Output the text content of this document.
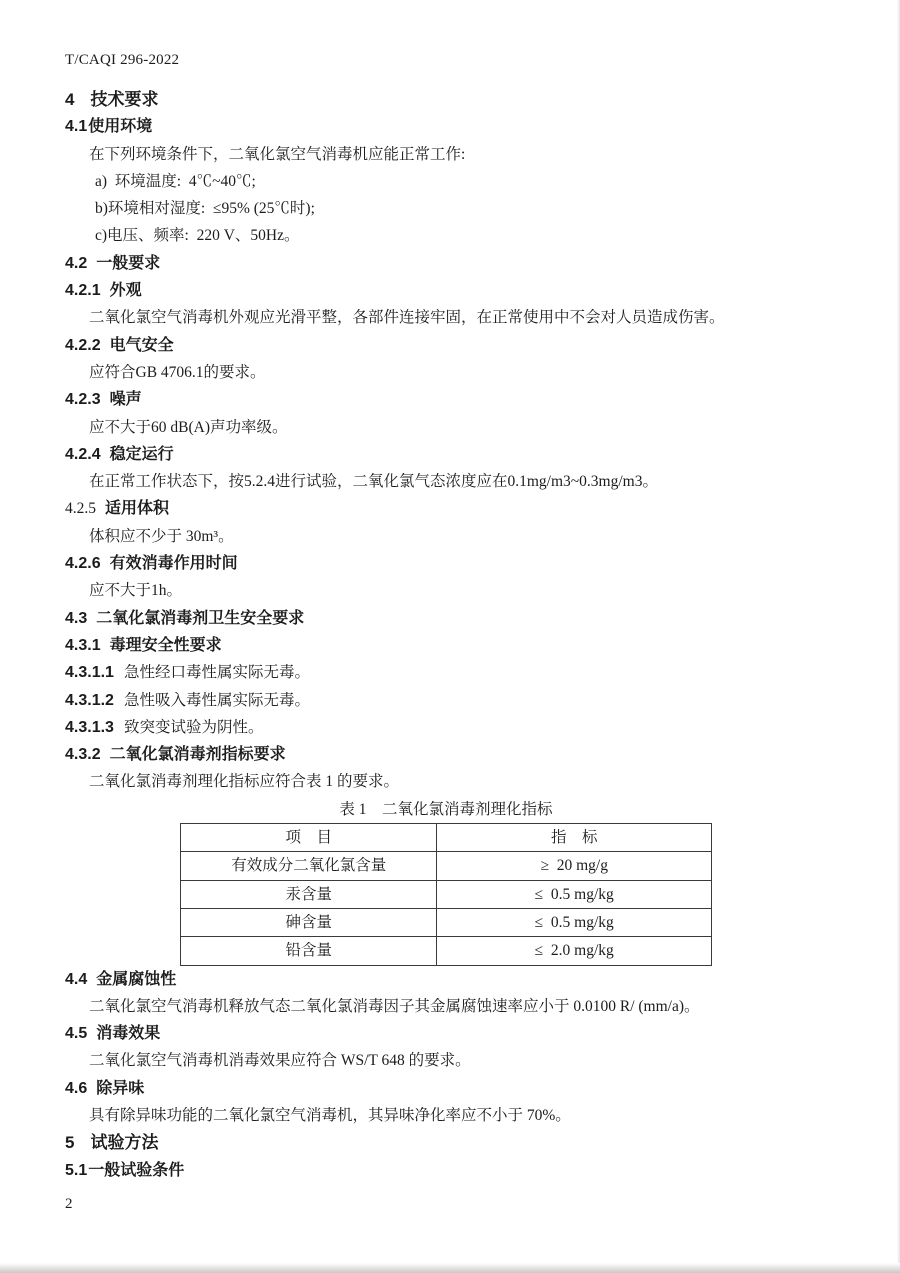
T/CAQI 296-2022

4 技术要求

4.1使用环境

在下列环境条件下，二氧化氯空气消毒机应能正常工作:

a)  环境温度:  4℃~40℃;

b)环境相对湿度:  ≤95% (25℃时);

c)电压、频率:  220 V、50Hz。

4.2 一般要求

4.2.1 外观

二氧化氯空气消毒机外观应光滑平整，各部件连接牢固，在正常使用中不会对人员造成伤害。

4.2.2 电气安全

应符合GB 4706.1的要求。

4.2.3 噪声

应不大于60 dB(A)声功率级。

4.2.4 稳定运行

在正常工作状态下，按5.2.4进行试验，二氧化氯气态浓度应在0.1mg/m3~0.3mg/m3。

4.2.5 适用体积

体积应不少于 30m³。

4.2.6 有效消毒作用时间

应不大于1h。

4.3 二氧化氯消毒剂卫生安全要求

4.3.1 毒理安全性要求

4.3.1.1 急性经口毒性属实际无毒。

4.3.1.2 急性吸入毒性属实际无毒。

4.3.1.3 致突变试验为阴性。

4.3.2 二氧化氯消毒剂指标要求

二氧化氯消毒剂理化指标应符合表 1 的要求。

表 1　二氧化氯消毒剂理化指标

项　目	指　标
有效成分二氧化氯含量	≥  20 mg/g
汞含量	≤  0.5 mg/kg
砷含量	≤  0.5 mg/kg
铅含量	≤  2.0 mg/kg

4.4 金属腐蚀性

二氧化氯空气消毒机释放气态二氧化氯消毒因子其金属腐蚀速率应小于 0.0100 R/ (mm/a)。

4.5 消毒效果

二氧化氯空气消毒机消毒效果应符合 WS/T 648 的要求。

4.6 除异味

具有除异味功能的二氧化氯空气消毒机，其异味净化率应不小于 70%。

5 试验方法

5.1一般试验条件

2
